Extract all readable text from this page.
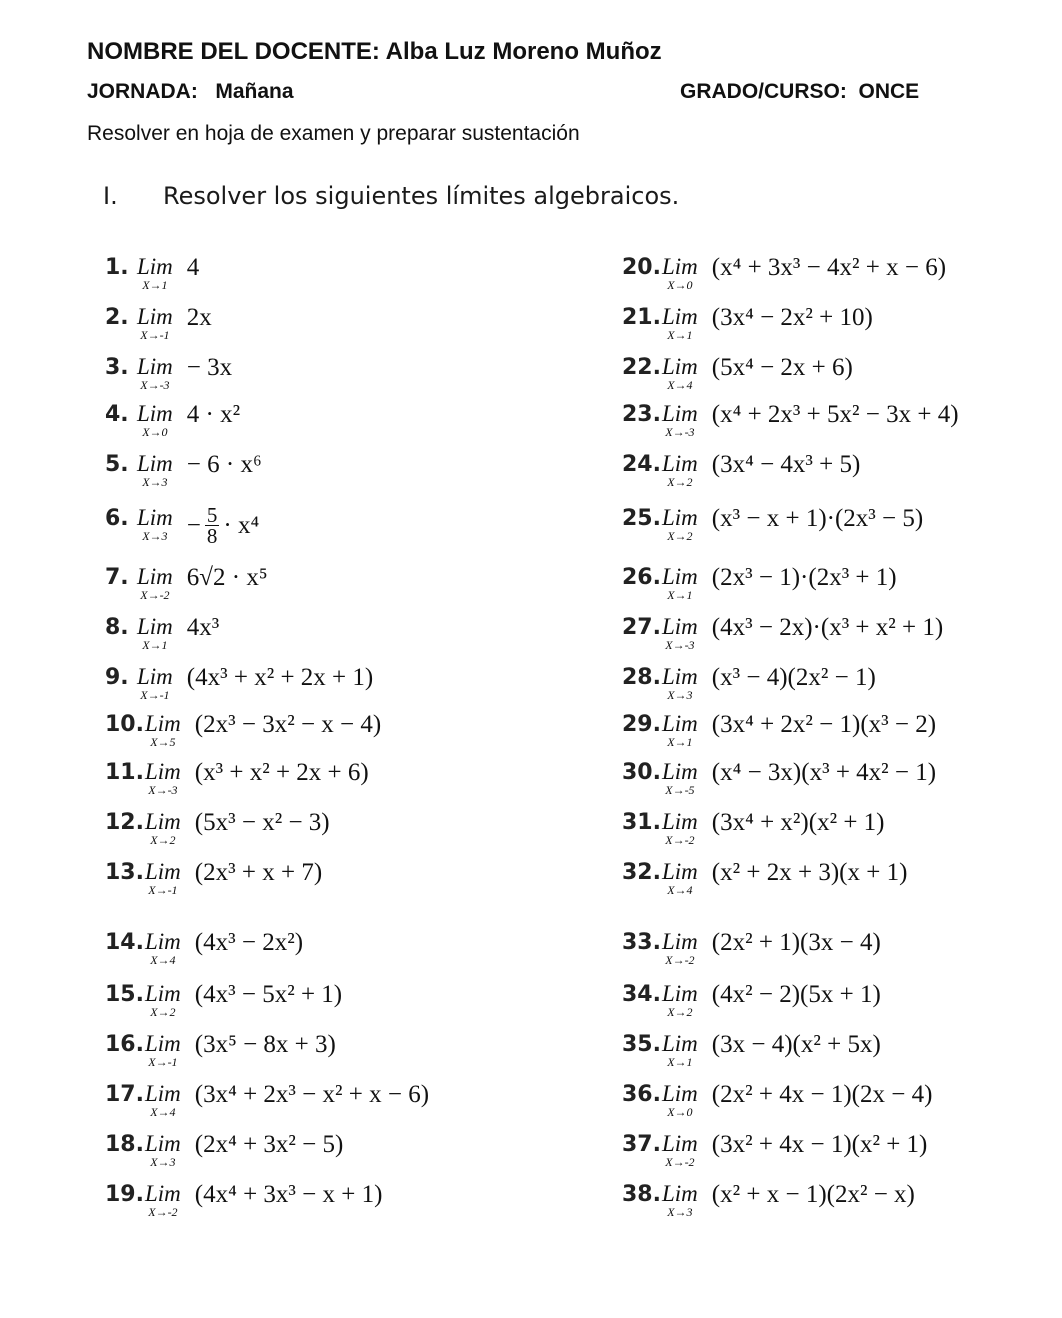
NOMBRE DEL DOCENTE: Alba Luz Moreno Muñoz
JORNADA:   Mañana	GRADO/CURSO:  ONCE
Resolver en hoja de examen y preparar sustentación
I. Resolver los siguientes límites algebraicos.
1. Lim
X→1
4
2. Lim
X→-1
2x
3. Lim
X→-3
− 3x
4. Lim
X→0
4 · x²
5. Lim
X→3
− 6 · x⁶
6. Lim
$X\to 3 - \frac{5}{8} \cdot x^4$
7. Lim
X→-2
6√2 · x⁵
8. Lim
X→1
4x³
9. Lim
X→-1
(4x³ + x² + 2x + 1)
10. Lim
X→5
(2x³ − 3x² − x − 4)
11. Lim
X→-3
(x³ + x² + 2x + 6)
12. Lim
X→2
(5x³ − x² − 3)
13. Lim
X→-1
(2x³ + x + 7)
14. Lim
X→4
(4x³ − 2x²)
15. Lim
X→2
(4x³ − 5x² + 1)
16. Lim
X→-1
(3x⁵ − 8x + 3)
17. Lim
X→4
(3x⁴ + 2x³ − x² + x − 6)
18. Lim
X→3
(2x⁴ + 3x² − 5)
19. Lim
X→-2
(4x⁴ + 3x³ − x + 1)
20. Lim
X→0
(x⁴ + 3x³ − 4x² + x − 6)
21. Lim
X→1
(3x⁴ − 2x² + 10)
22. Lim
X→4
(5x⁴ − 2x + 6)
23. Lim
X→-3
(x⁴ + 2x³ + 5x² − 3x + 4)
24. Lim
X→2
(3x⁴ − 4x³ + 5)
25. Lim
X→2
(x³ − x + 1)·(2x³ − 5)
26. Lim
X→1
(2x³ − 1)·(2x³ + 1)
27. Lim
X→-3
(4x³ − 2x)·(x³ + x² + 1)
28. Lim
X→3
(x³ − 4)(2x² − 1)
29. Lim
X→1
(3x⁴ + 2x² − 1)(x³ − 2)
30. Lim
X→-5
(x⁴ − 3x)(x³ + 4x² − 1)
31. Lim
X→-2
(3x⁴ + x²)(x² + 1)
32. Lim
X→4
(x² + 2x + 3)(x + 1)
33. Lim
X→-2
(2x² + 1)(3x − 4)
34. Lim
X→2
(4x² − 2)(5x + 1)
35. Lim
X→1
(3x − 4)(x² + 5x)
36. Lim
X→0
(2x² + 4x − 1)(2x − 4)
37. Lim
X→-2
(3x² + 4x − 1)(x² + 1)
38. Lim
X→3
(x² + x − 1)(2x² − x)
